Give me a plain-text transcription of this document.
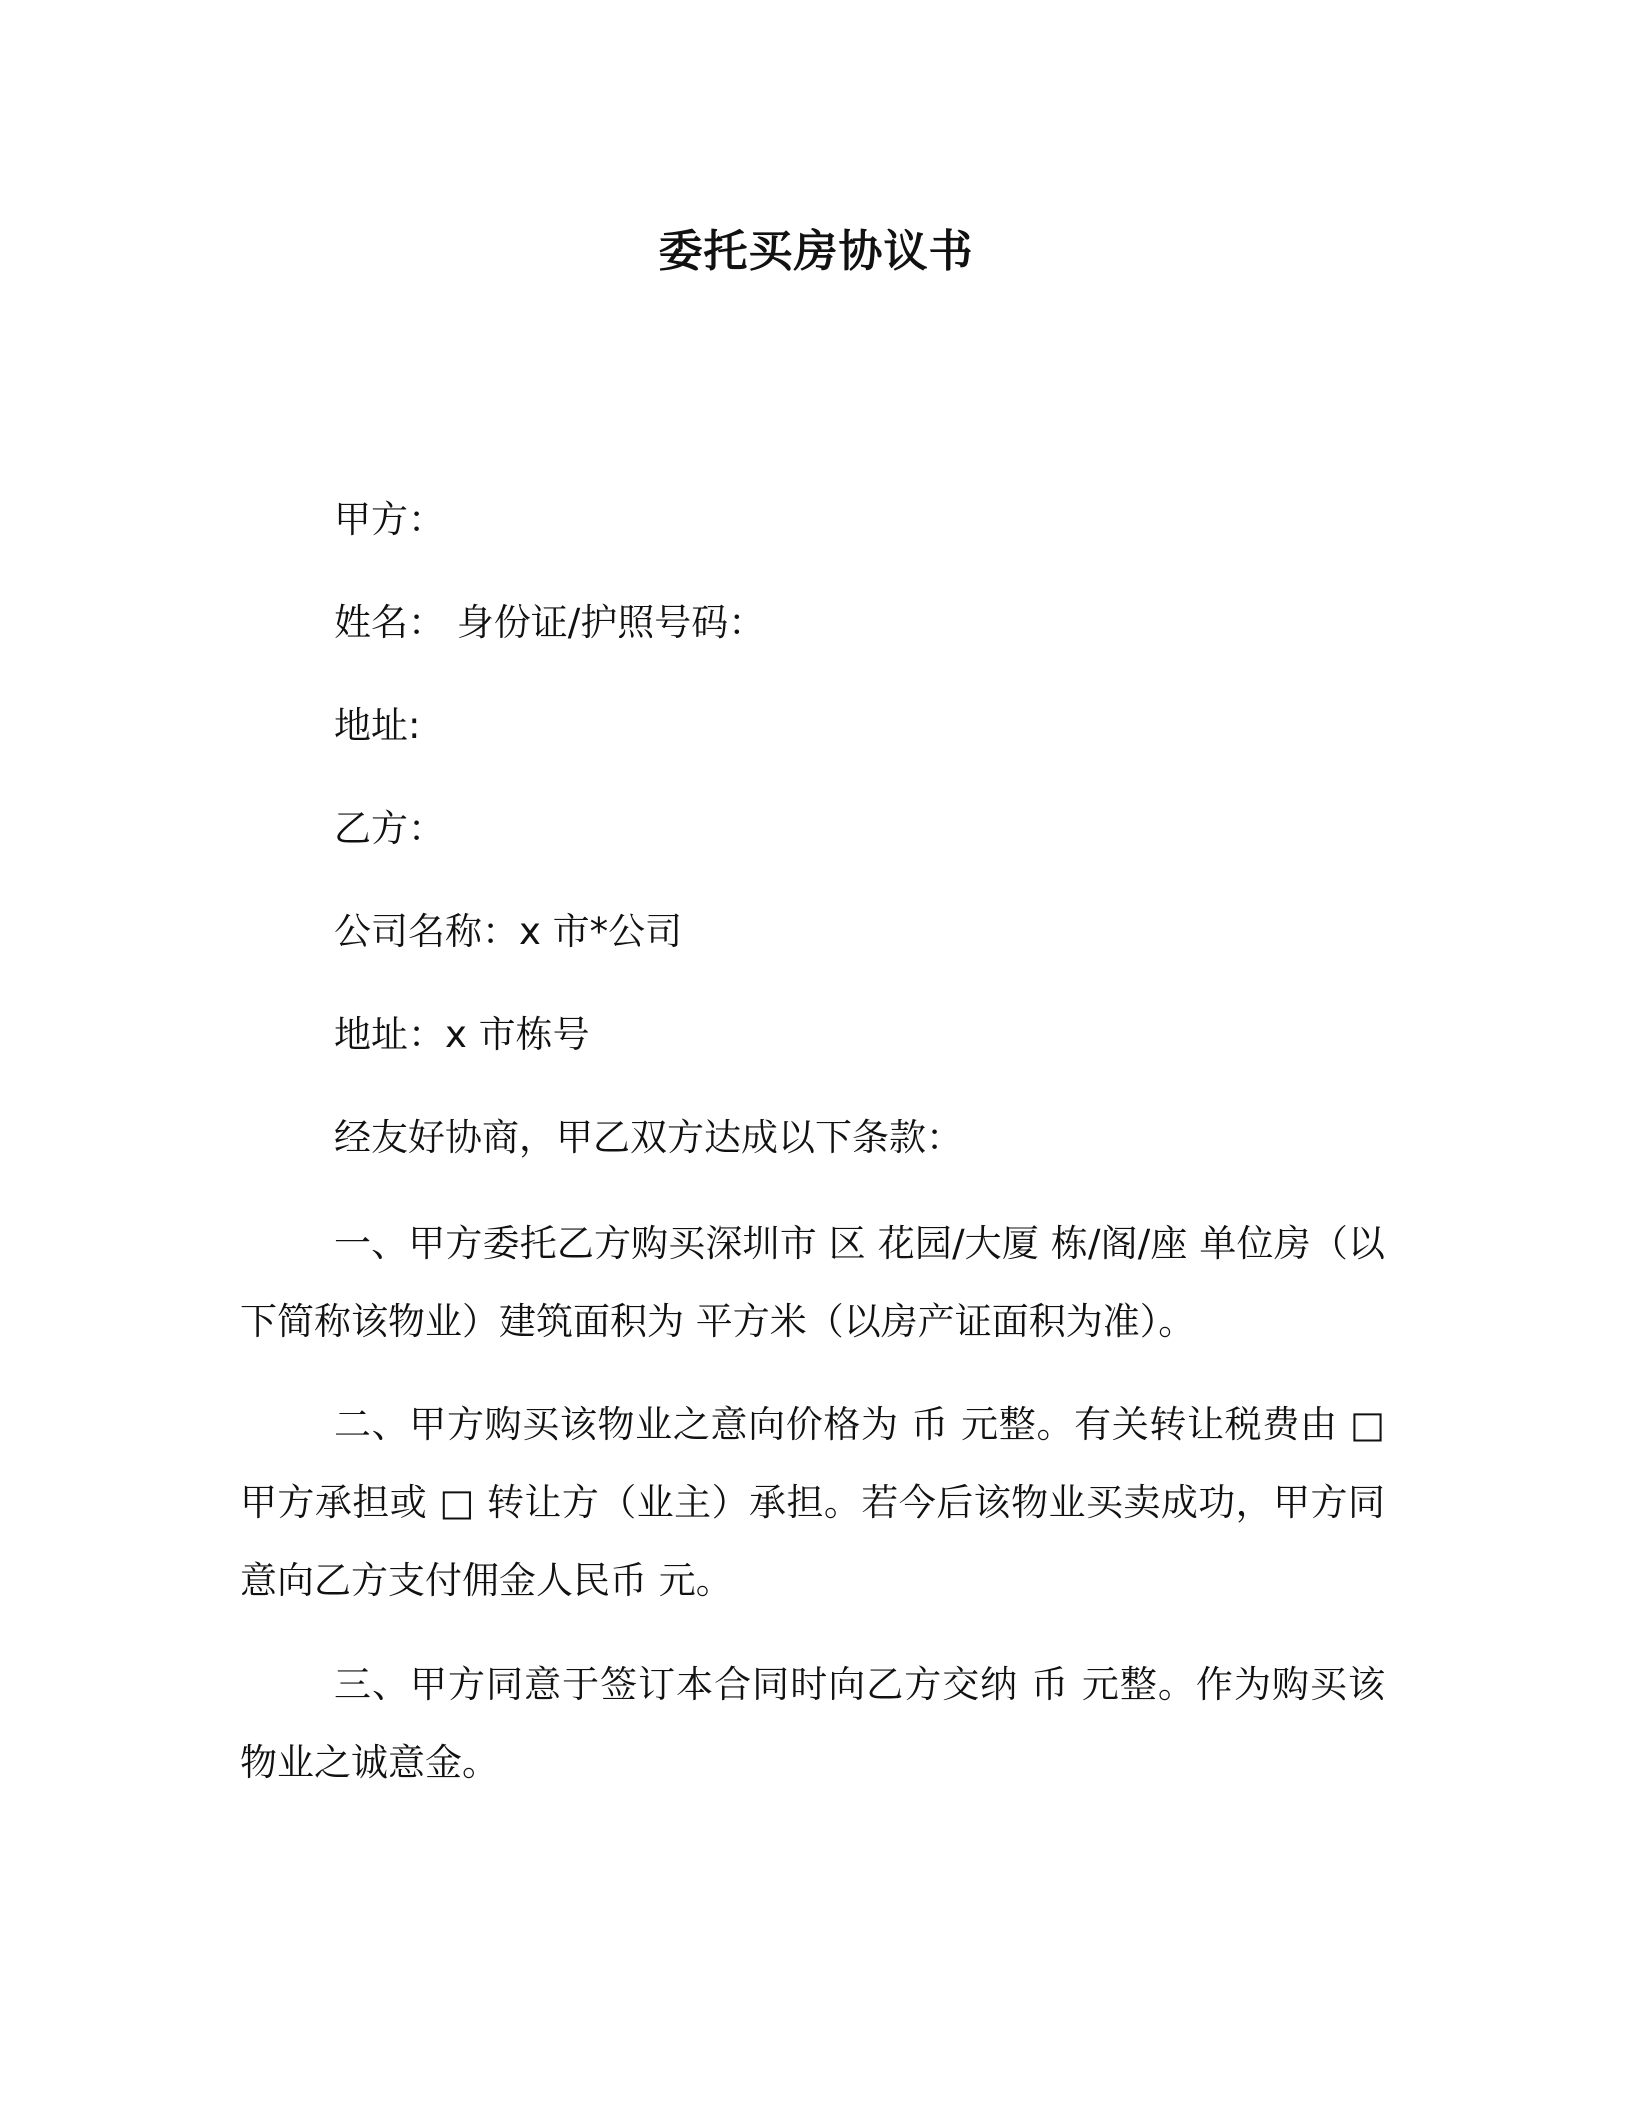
委托买房协议书
甲方：
姓名： 身份证/护照号码：
地址:
乙方：
公司名称：x 市*公司
地址：x 市栋号
经友好协商，甲乙双方达成以下条款：
一、甲方委托乙方购买深圳市 区 花园/大厦 栋/阁/座 单位房（以下简称该物业）建筑面积为 平方米（以房产证面积为准）。
二、甲方购买该物业之意向价格为 币 元整。有关转让税费由 □ 甲方承担或 □ 转让方（业主）承担。若今后该物业买卖成功，甲方同意向乙方支付佣金人民币 元。
三、甲方同意于签订本合同时向乙方交纳 币 元整。作为购买该物业之诚意金。
